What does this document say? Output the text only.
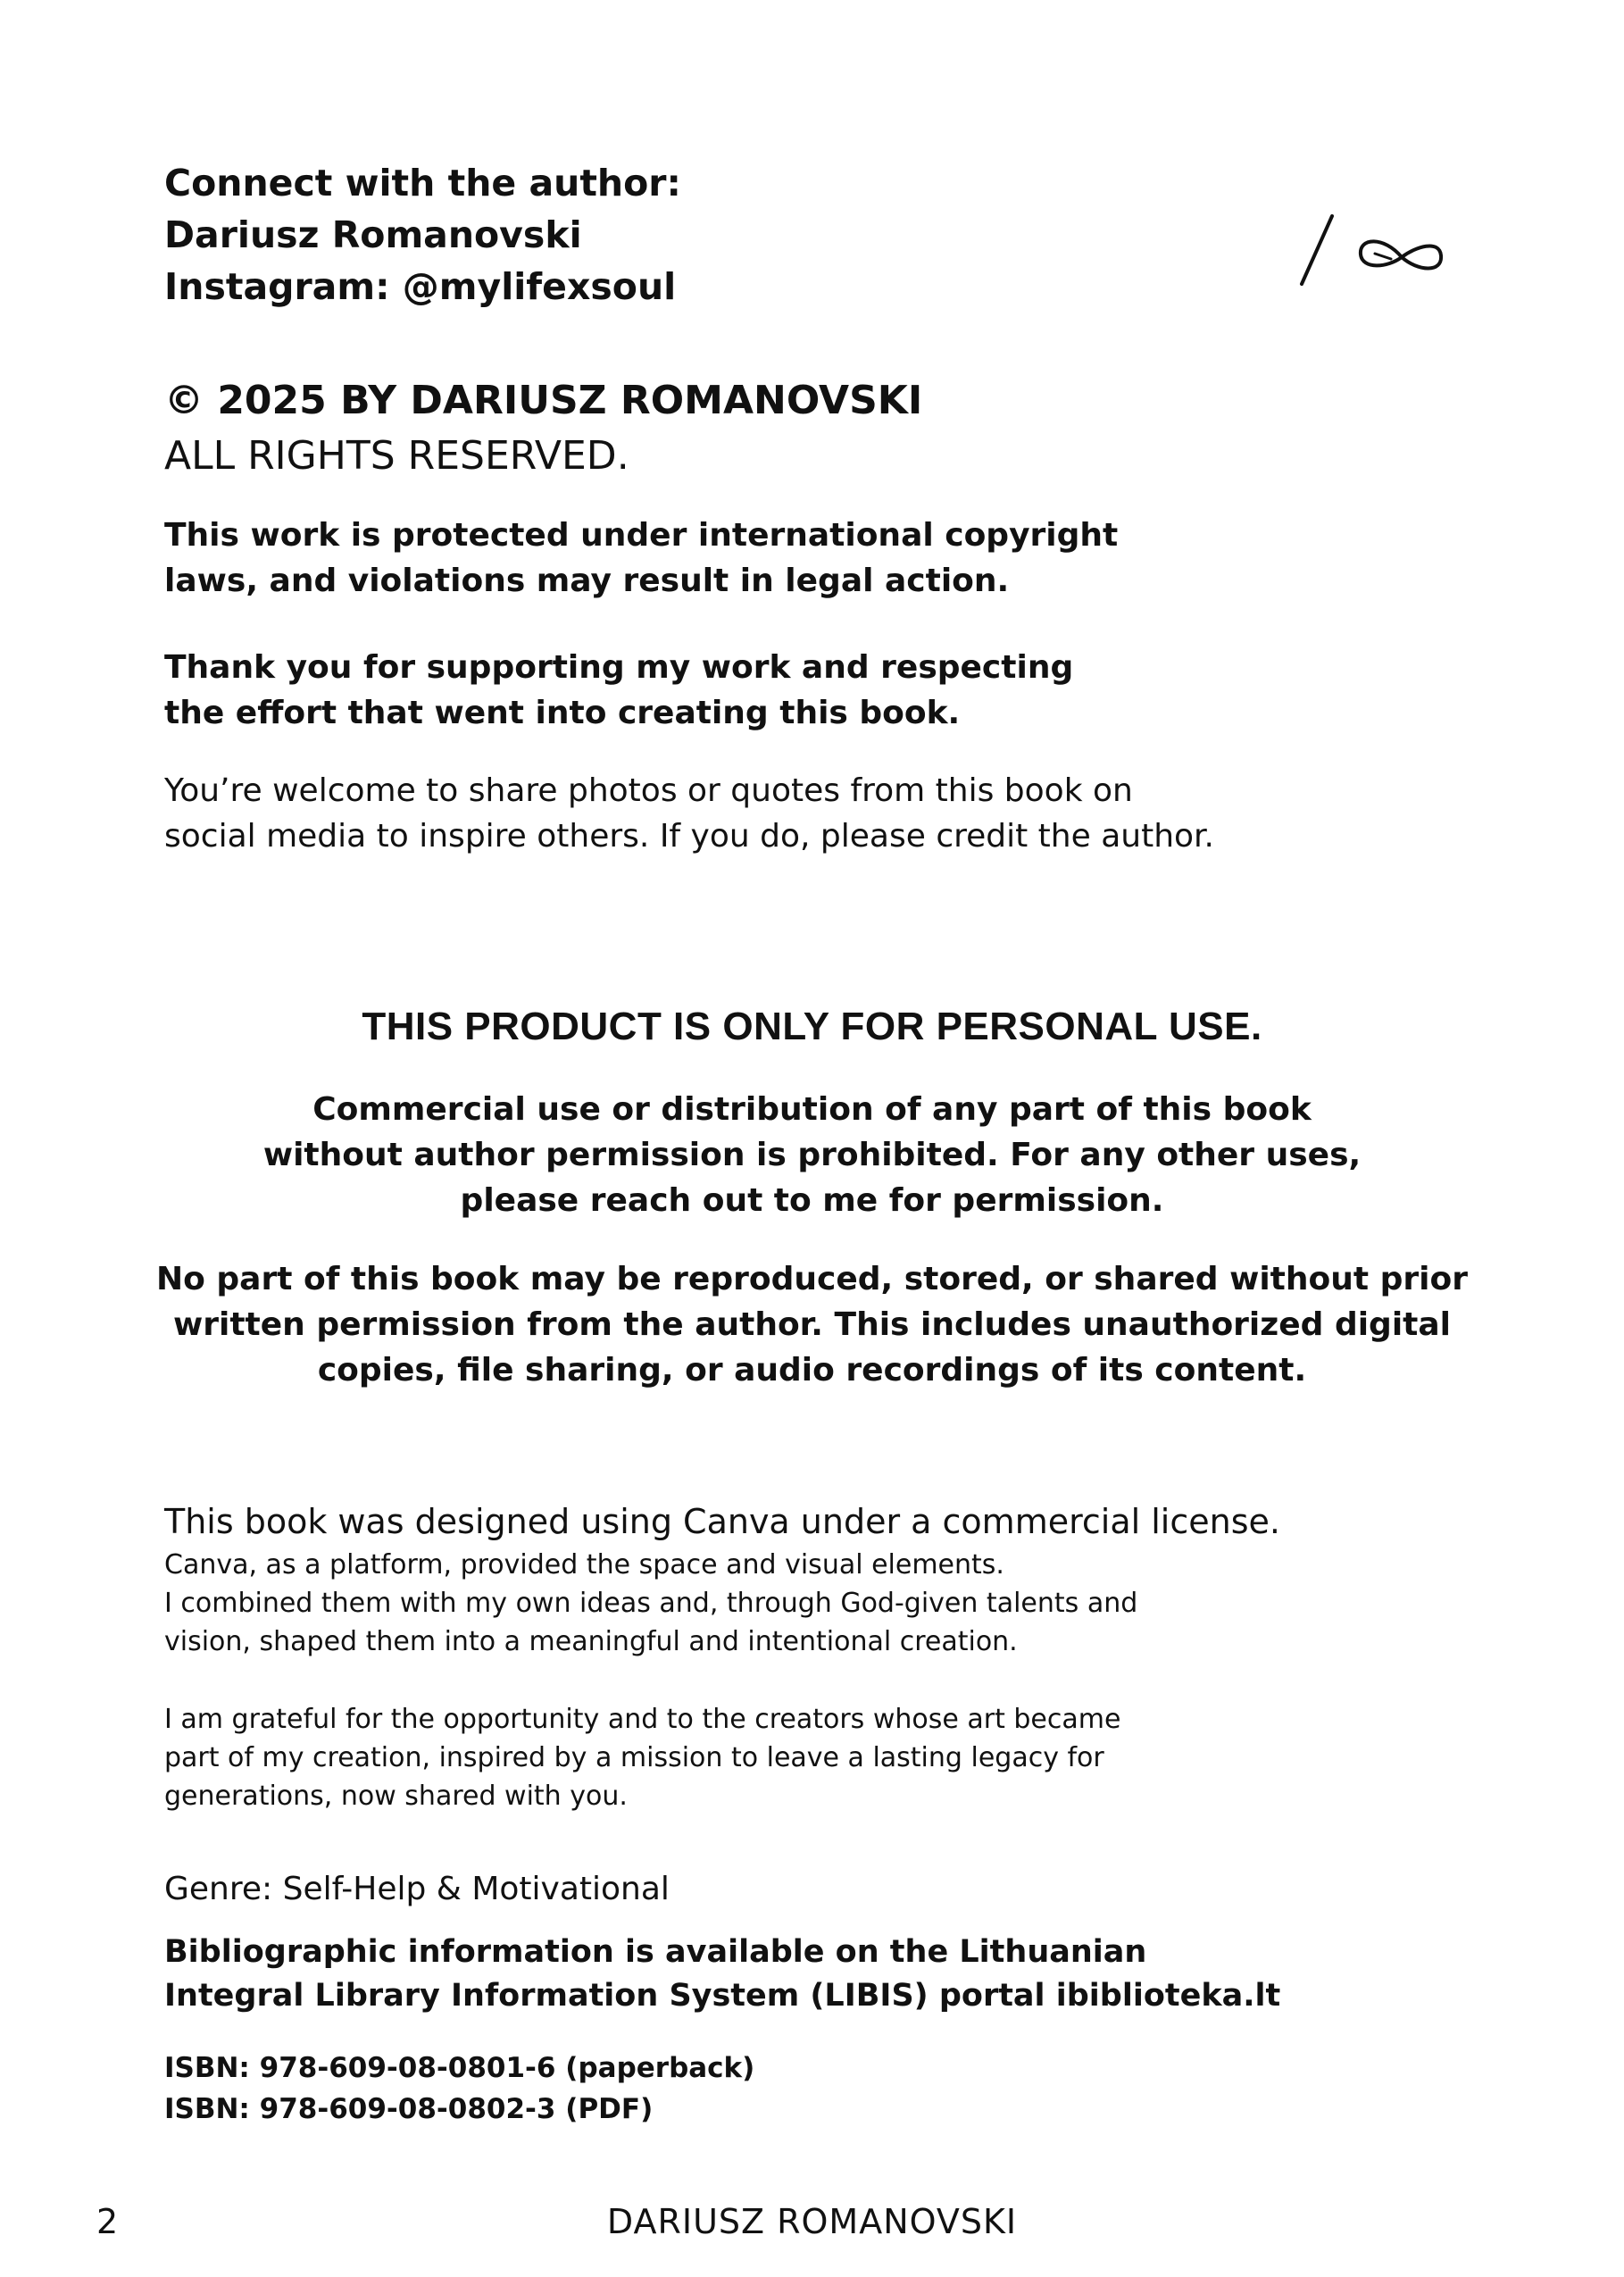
Connect with the author:
Dariusz Romanovski
Instagram: @mylifexsoul
© 2025 BY DARIUSZ ROMANOVSKI
ALL RIGHTS RESERVED.
This work is protected under international copyright
laws, and violations may result in legal action.
Thank you for supporting my work and respecting
the effort that went into creating this book.
You’re welcome to share photos or quotes from this book on
social media to inspire others. If you do, please credit the author.
THIS PRODUCT IS ONLY FOR PERSONAL USE.
Commercial use or distribution of any part of this book
without author permission is prohibited. For any other uses,
please reach out to me for permission.
No part of this book may be reproduced, stored, or shared without prior
written permission from the author. This includes unauthorized digital
copies, file sharing, or audio recordings of its content.
This book was designed using Canva under a commercial license.
Canva, as a platform, provided the space and visual elements.
I combined them with my own ideas and, through God-given talents and
vision, shaped them into a meaningful and intentional creation.
I am grateful for the opportunity and to the creators whose art became
part of my creation, inspired by a mission to leave a lasting legacy for
generations, now shared with you.
Genre: Self-Help & Motivational
Bibliographic information is available on the Lithuanian
Integral Library Information System (LIBIS) portal ibiblioteka.lt
ISBN: 978-609-08-0801-6 (paperback)
ISBN: 978-609-08-0802-3 (PDF)
2	DARIUSZ ROMANOVSKI
